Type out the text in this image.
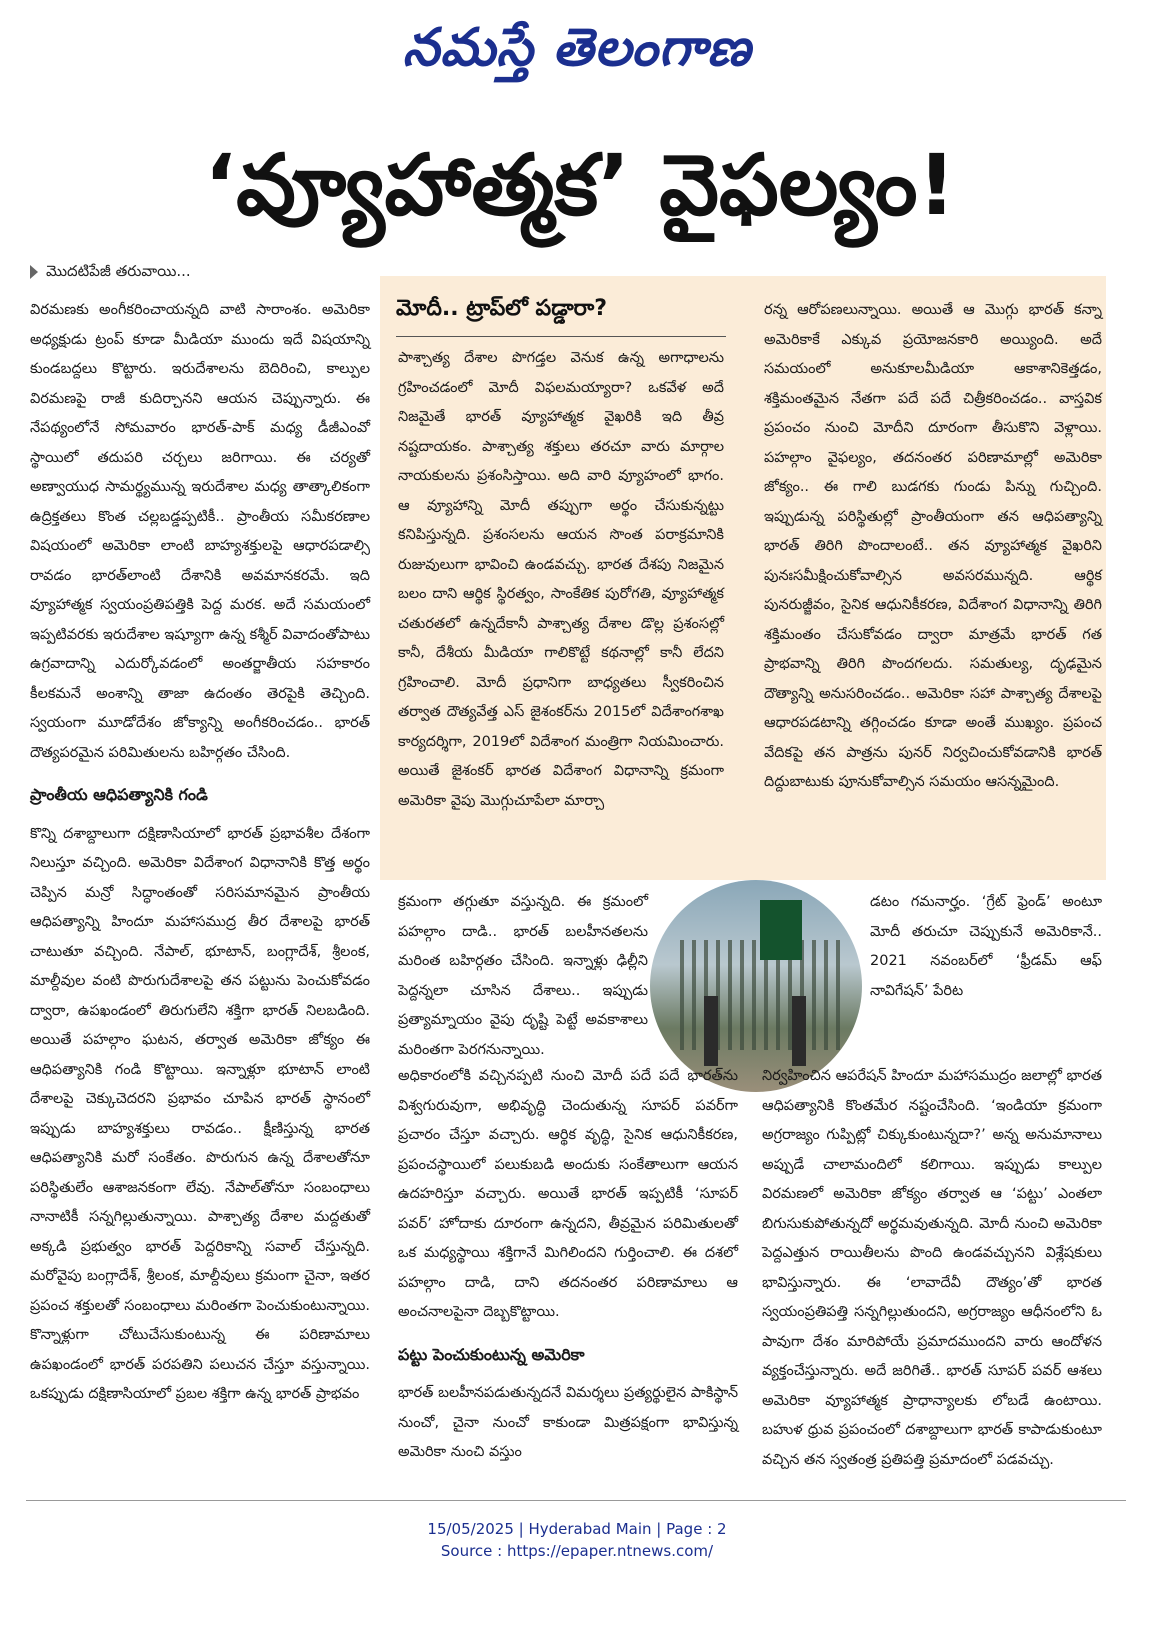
నమస్తే తెలంగాణ
‘వ్యూహాత్మక’ వైఫల్యం!
మొదటిపేజీ తరువాయి...

విరమణకు అంగీకరించాయన్నది వాటి సారాంశం. అమెరికా అధ్యక్షుడు ట్రంప్ కూడా మీడియా ముందు ఇదే విషయాన్ని కుండబద్దలు కొట్టారు. ఇరుదేశాలను బెదిరించి, కాల్పుల విరమణపై రాజీ కుదిర్చానని ఆయన చెప్పున్నారు. ఈ నేపథ్యంలోనే సోమవారం భారత్-పాక్ మధ్య డీజీఎంవో స్థాయిలో తదుపరి చర్చలు జరిగాయి. ఈ చర్యతో అణ్వాయుధ సామర్థ్యమున్న ఇరుదేశాల మధ్య తాత్కాలికంగా ఉద్రిక్తతలు కొంత చల్లబడ్డప్పటికీ.. ప్రాంతీయ సమీకరణాల విషయంలో అమెరికా లాంటి బాహ్యశక్తులపై ఆధారపడాల్సి రావడం భారత్‌లాంటి దేశానికి అవమానకరమే. ఇది వ్యూహాత్మక స్వయంప్రతిపత్తికి పెద్ద మరక. అదే సమయంలో ఇప్పటివరకు ఇరుదేశాల ఇష్యూగా ఉన్న కశ్మీర్ వివాదంతోపాటు ఉగ్రవాదాన్ని ఎదుర్కోవడంలో అంతర్జాతీయ సహకారం కీలకమనే అంశాన్ని తాజా ఉదంతం తెరపైకి తెచ్చింది. స్వయంగా మూడోదేశం జోక్యాన్ని అంగీకరించడం.. భారత్ దౌత్యపరమైన పరిమితులను బహిర్గతం చేసింది.

ప్రాంతీయ ఆధిపత్యానికి గండి

కొన్ని దశాబ్దాలుగా దక్షిణాసియాలో భారత్ ప్రభావశీల దేశంగా నిలుస్తూ వచ్చింది. అమెరికా విదేశాంగ విధానానికి కొత్త అర్థం చెప్పిన మన్రో సిద్ధాంతంతో సరిసమానమైన ప్రాంతీయ ఆధిపత్యాన్ని హిందూ మహాసముద్ర తీర దేశాలపై భారత్ చాటుతూ వచ్చింది. నేపాల్, భూటాన్, బంగ్లాదేశ్, శ్రీలంక, మాల్దీవుల వంటి పొరుగుదేశాలపై తన పట్టును పెంచుకోవడం ద్వారా, ఉపఖండంలో తిరుగులేని శక్తిగా భారత్ నిలబడింది. అయితే పహల్గాం ఘటన, తర్వాత అమెరికా జోక్యం ఈ ఆధిపత్యానికి గండి కొట్టాయి. ఇన్నాళ్లూ భూటాన్ లాంటి దేశాలపై చెక్కుచెదరని ప్రభావం చూపిన భారత్ స్థానంలో ఇప్పుడు బాహ్యశక్తులు రావడం.. క్షీణిస్తున్న భారత ఆధిపత్యానికి మరో సంకేతం. పొరుగున ఉన్న దేశాలతోనూ పరిస్థితులేం ఆశాజనకంగా లేవు. నేపాల్‌తోనూ సంబంధాలు నానాటికీ సన్నగిల్లుతున్నాయి. పాశ్చాత్య దేశాల మద్దతుతో అక్కడి ప్రభుత్వం భారత్ పెద్దరికాన్ని సవాల్ చేస్తున్నది. మరోవైపు బంగ్లాదేశ్, శ్రీలంక, మాల్దీవులు క్రమంగా చైనా, ఇతర ప్రపంచ శక్తులతో సంబంధాలు మరింతగా పెంచుకుంటున్నాయి. కొన్నాళ్లుగా చోటుచేసుకుంటున్న ఈ పరిణామాలు ఉపఖండంలో భారత్ పరపతిని పలుచన చేస్తూ వస్తున్నాయి. ఒకప్పుడు దక్షిణాసియాలో ప్రబల శక్తిగా ఉన్న భారత్ ప్రాభవం

మోదీ.. ట్రాప్‌లో పడ్డారా?

పాశ్చాత్య దేశాల పొగడ్తల వెనుక ఉన్న అగాధాలను గ్రహించడంలో మోదీ విఫలమయ్యారా? ఒకవేళ అదే నిజమైతే భారత్ వ్యూహాత్మక వైఖరికి ఇది తీవ్ర నష్టదాయకం. పాశ్చాత్య శక్తులు తరచూ వారు మార్గాల నాయకులను ప్రశంసిస్తాయి. అది వారి వ్యూహంలో భాగం. ఆ వ్యూహాన్ని మోదీ తప్పుగా అర్థం చేసుకున్నట్టు కనిపిస్తున్నది. ప్రశంసలను ఆయన సొంత పరాక్రమానికి రుజువులుగా భావించి ఉండవచ్చు. భారత దేశపు నిజమైన బలం దాని ఆర్థిక స్థిరత్వం, సాంకేతిక పురోగతి, వ్యూహాత్మక చతురతలో ఉన్నదేకానీ పాశ్చాత్య దేశాల డొల్ల ప్రశంసల్లో కానీ, దేశీయ మీడియా గాలికొట్టే కథనాల్లో కానీ లేదని గ్రహించాలి. మోదీ ప్రధానిగా బాధ్యతలు స్వీకరించిన తర్వాత దౌత్యవేత్త ఎస్ జైశంకర్‌ను 2015లో విదేశాంగశాఖ కార్యదర్శిగా, 2019లో విదేశాంగ మంత్రిగా నియమించారు. అయితే జైశంకర్ భారత విదేశాంగ విధానాన్ని క్రమంగా అమెరికా వైపు మొగ్గుచూపేలా మార్చా

రన్న ఆరోపణలున్నాయి. అయితే ఆ మొగ్గు భారత్ కన్నా అమెరికాకే ఎక్కువ ప్రయోజనకారి అయ్యింది. అదే సమయంలో అనుకూలమీడియా ఆకాశానికెత్తడం, శక్తిమంతమైన నేతగా పదే పదే చిత్రీకరించడం.. వాస్తవిక ప్రపంచం నుంచి మోదీని దూరంగా తీసుకొని వెళ్లాయి. పహల్గాం వైఫల్యం, తదనంతర పరిణామాల్లో అమెరికా జోక్యం.. ఈ గాలి బుడగకు గుండు పిన్ను గుచ్చింది. ఇప్పుడున్న పరిస్థితుల్లో ప్రాంతీయంగా తన ఆధిపత్యాన్ని భారత్ తిరిగి పొందాలంటే.. తన వ్యూహాత్మక వైఖరిని పునఃసమీక్షించుకోవాల్సిన అవసరమున్నది. ఆర్థిక పునరుజ్జీవం, సైనిక ఆధునికీకరణ, విదేశాంగ విధానాన్ని తిరిగి శక్తిమంతం చేసుకోవడం ద్వారా మాత్రమే భారత్ గత ప్రాభవాన్ని తిరిగి పొందగలదు. సమతుల్య, దృఢమైన దౌత్యాన్ని అనుసరించడం.. అమెరికా సహా పాశ్చాత్య దేశాలపై ఆధారపడటాన్ని తగ్గించడం కూడా అంతే ముఖ్యం. ప్రపంచ వేదికపై తన పాత్రను పునర్ నిర్వచించుకోవడానికి భారత్ దిద్దుబాటుకు పూనుకోవాల్సిన సమయం ఆసన్నమైంది.

క్రమంగా తగ్గుతూ వస్తున్నది. ఈ క్రమంలో పహల్గాం దాడి.. భారత్ బలహీనతలను మరింత బహిర్గతం చేసింది. ఇన్నాళ్లు ఢిల్లీని పెద్దన్నలా చూసిన దేశాలు.. ఇప్పుడు ప్రత్యామ్నాయం వైపు దృష్టి పెట్టే అవకాశాలు మరింతగా పెరగనున్నాయి.

అధికారంలోకి వచ్చినప్పటి నుంచి మోదీ పదే పదే భారత్‌ను విశ్వగురువుగా, అభివృద్ధి చెందుతున్న సూపర్ పవర్‌గా ప్రచారం చేస్తూ వచ్చారు. ఆర్థిక వృద్ధి, సైనిక ఆధునికీకరణ, ప్రపంచస్థాయిలో పలుకుబడి అందుకు సంకేతాలుగా ఆయన ఉదహరిస్తూ వచ్చారు. అయితే భారత్ ఇప్పటికీ ‘సూపర్ పవర్’ హోదాకు దూరంగా ఉన్నదని, తీవ్రమైన పరిమితులతో ఒక మధ్యస్థాయి శక్తిగానే మిగిలిందని గుర్తించాలి. ఈ దశలో పహల్గాం దాడి, దాని తదనంతర పరిణామాలు ఆ అంచనాలపైనా దెబ్బకొట్టాయి.

పట్టు పెంచుకుంటున్న అమెరికా

భారత్ బలహీనపడుతున్నదనే విమర్శలు ప్రత్యర్థులైన పాకిస్థాన్ నుంచో, చైనా నుంచో కాకుండా మిత్రపక్షంగా భావిస్తున్న అమెరికా నుంచి వస్తుం

డటం గమనార్హం. ‘గ్రేట్ ఫ్రెండ్’ అంటూ మోదీ తరుచూ చెప్పుకునే అమెరికానే.. 2021 నవంబర్‌లో ‘ఫ్రీడమ్ ఆఫ్ నావిగేషన్’ పేరిట

నిర్వహించిన ఆపరేషన్ హిందూ మహాసముద్రం జలాల్లో భారత ఆధిపత్యానికి కొంతమేర నష్టంచేసింది. ‘ఇండియా క్రమంగా అగ్రరాజ్యం గుప్పిట్లో చిక్కుకుంటున్నదా?’ అన్న అనుమానాలు అప్పుడే చాలామందిలో కలిగాయి. ఇప్పుడు కాల్పుల విరమణలో అమెరికా జోక్యం తర్వాత ఆ ‘పట్టు’ ఎంతలా బిగుసుకుపోతున్నదో అర్థమవుతున్నది. మోదీ నుంచి అమెరికా పెద్దఎత్తున రాయితీలను పొంది ఉండవచ్చునని విశ్లేషకులు భావిస్తున్నారు. ఈ ‘లావాదేవీ దౌత్యం’తో భారత స్వయంప్రతిపత్తి సన్నగిల్లుతుందని, అగ్రరాజ్యం ఆధీనంలోని ఓ పావుగా దేశం మారిపోయే ప్రమాదముందని వారు ఆందోళన వ్యక్తంచేస్తున్నారు. అదే జరిగితే.. భారత్ సూపర్ పవర్ ఆశలు అమెరికా వ్యూహాత్మక ప్రాధాన్యాలకు లోబడే ఉంటాయి. బహుళ ధ్రువ ప్రపంచంలో దశాబ్దాలుగా భారత్ కాపాడుకుంటూ వచ్చిన తన స్వతంత్ర ప్రతిపత్తి ప్రమాదంలో పడవచ్చు.

15/05/2025 | Hyderabad Main | Page : 2
Source : https://epaper.ntnews.com/
